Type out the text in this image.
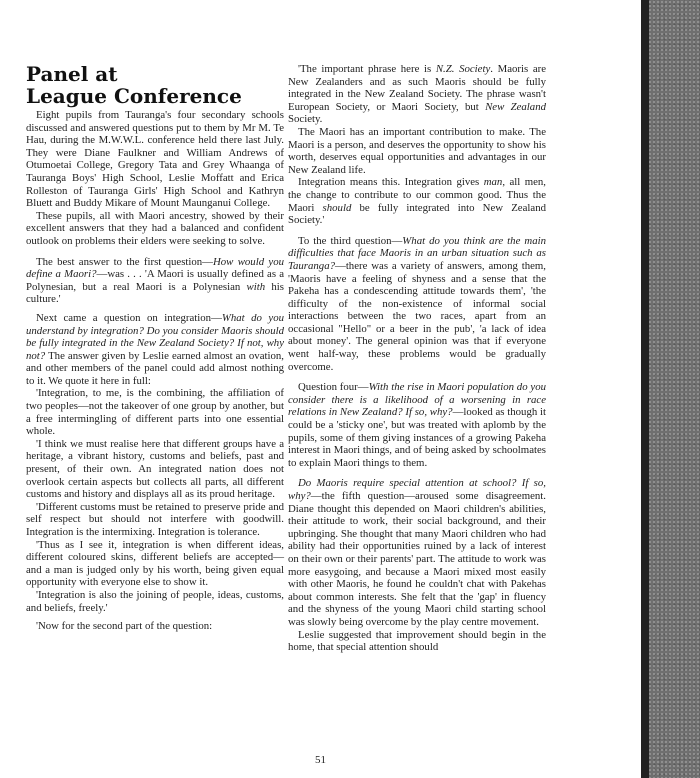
Panel at
League Conference

Eight pupils from Tauranga's four secondary schools discussed and answered questions put to them by Mr M. Te Hau, during the M.W.W.L. conference held there last July. They were Diane Faulkner and William Andrews of Otumoetai College, Gregory Tata and Grey Whaanga of Tauranga Boys' High School, Leslie Moffatt and Erica Rolleston of Tauranga Girls' High School and Kathryn Bluett and Buddy Mikare of Mount Maunganui College.

These pupils, all with Maori ancestry, showed by their excellent answers that they had a balanced and confident outlook on problems their elders were seeking to solve.

The best answer to the first question—How would you define a Maori?—was . . . 'A Maori is usually defined as a Polynesian, but a real Maori is a Polynesian with his culture.'

Next came a question on integration—What do you understand by integration? Do you consider Maoris should be fully integrated in the New Zealand Society? If not, why not? The answer given by Leslie earned almost an ovation, and other members of the panel could add almost nothing to it. We quote it here in full:

'Integration, to me, is the combining, the affiliation of two peoples—not the takeover of one group by another, but a free intermingling of different parts into one essential whole.

'I think we must realise here that different groups have a heritage, a vibrant history, customs and beliefs, past and present, of their own. An integrated nation does not overlook certain aspects but collects all parts, all different customs and history and displays all as its proud heritage.

'Different customs must be retained to preserve pride and self respect but should not interfere with goodwill. Integration is the intermixing. Integration is tolerance.

'Thus as I see it, integration is when different ideas, different coloured skins, different beliefs are accepted—and a man is judged only by his worth, being given equal opportunity with everyone else to show it.

'Integration is also the joining of people, ideas, customs, and beliefs, freely.'

'Now for the second part of the question:

'The important phrase here is N.Z. Society. Maoris are New Zealanders and as such Maoris should be fully integrated in the New Zealand Society. The phrase wasn't European Society, or Maori Society, but New Zealand Society.

The Maori has an important contribution to make. The Maori is a person, and deserves the opportunity to show his worth, deserves equal opportunities and advantages in our New Zealand life.

Integration means this. Integration gives man, all men, the change to contribute to our common good. Thus the Maori should be fully integrated into New Zealand Society.'

To the third question—What do you think are the main difficulties that face Maoris in an urban situation such as Tauranga?—there was a variety of answers, among them, 'Maoris have a feeling of shyness and a sense that the Pakeha has a condescending attitude towards them', 'the difficulty of the non-existence of informal social interactions between the two races, apart from an occasional "Hello" or a beer in the pub', 'a lack of idea about money'. The general opinion was that if everyone went half-way, these problems would be gradually overcome.

Question four—With the rise in Maori population do you consider there is a likelihood of a worsening in race relations in New Zealand? If so, why?—looked as though it could be a 'sticky one', but was treated with aplomb by the pupils, some of them giving instances of a growing Pakeha interest in Maori things, and of being asked by schoolmates to explain Maori things to them.

Do Maoris require special attention at school? If so, why?—the fifth question—aroused some disagreement. Diane thought this depended on Maori children's abilities, their attitude to work, their social background, and their upbringing. She thought that many Maori children who had ability had their opportunities ruined by a lack of interest on their own or their parents' part. The attitude to work was more easygoing, and because a Maori mixed most easily with other Maoris, he found he couldn't chat with Pakehas about common interests. She felt that the 'gap' in fluency and the shyness of the young Maori child starting school was slowly being overcome by the play centre movement.

Leslie suggested that improvement should begin in the home, that special attention should

51
